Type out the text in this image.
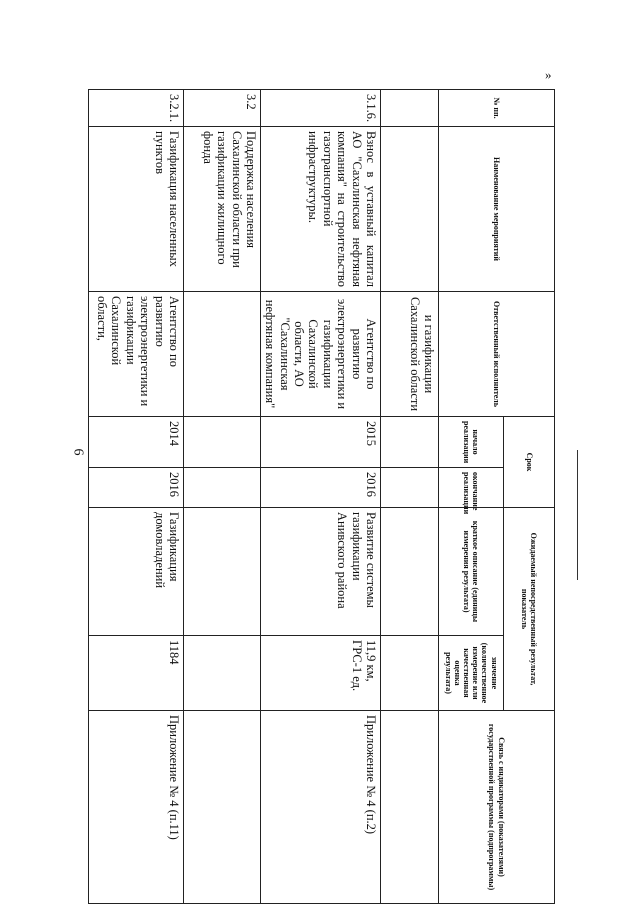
»
6
№ пп.	Наименование мероприятий	Ответственный исполнитель	Срок		Ожидаемый непосредственный результат, показатель		Связь с индикаторами (показателями) государственной программы (подпрограммы)
			начало реализации	окончание реализации	краткое описание (единицы измерения результата)	значение (количественное измерение или качественная оценка результата)	
		и газификации Сахалинской области					
3.1.6.	Взнос в уставный капитал АО "Сахалинская нефтяная компания" на строительство газотранспортной инфраструктуры.	Агентство по развитию электроэнергетики и газификации Сахалинской области, АО "Сахалинская нефтяная компания"	2015	2016	Развитие системы газификации Анивского района	11,9 км, ГРС-1 ед.	Приложение № 4 (п.2)
3.2	Поддержка населения Сахалинской области при газификации жилищного фонда						
3.2.1.	Газификация населенных пунктов	Агентство по развитию электроэнергетики и газификации Сахалинской области,	2014	2016	Газификация домовладений	1184	Приложение № 4 (п.11)
